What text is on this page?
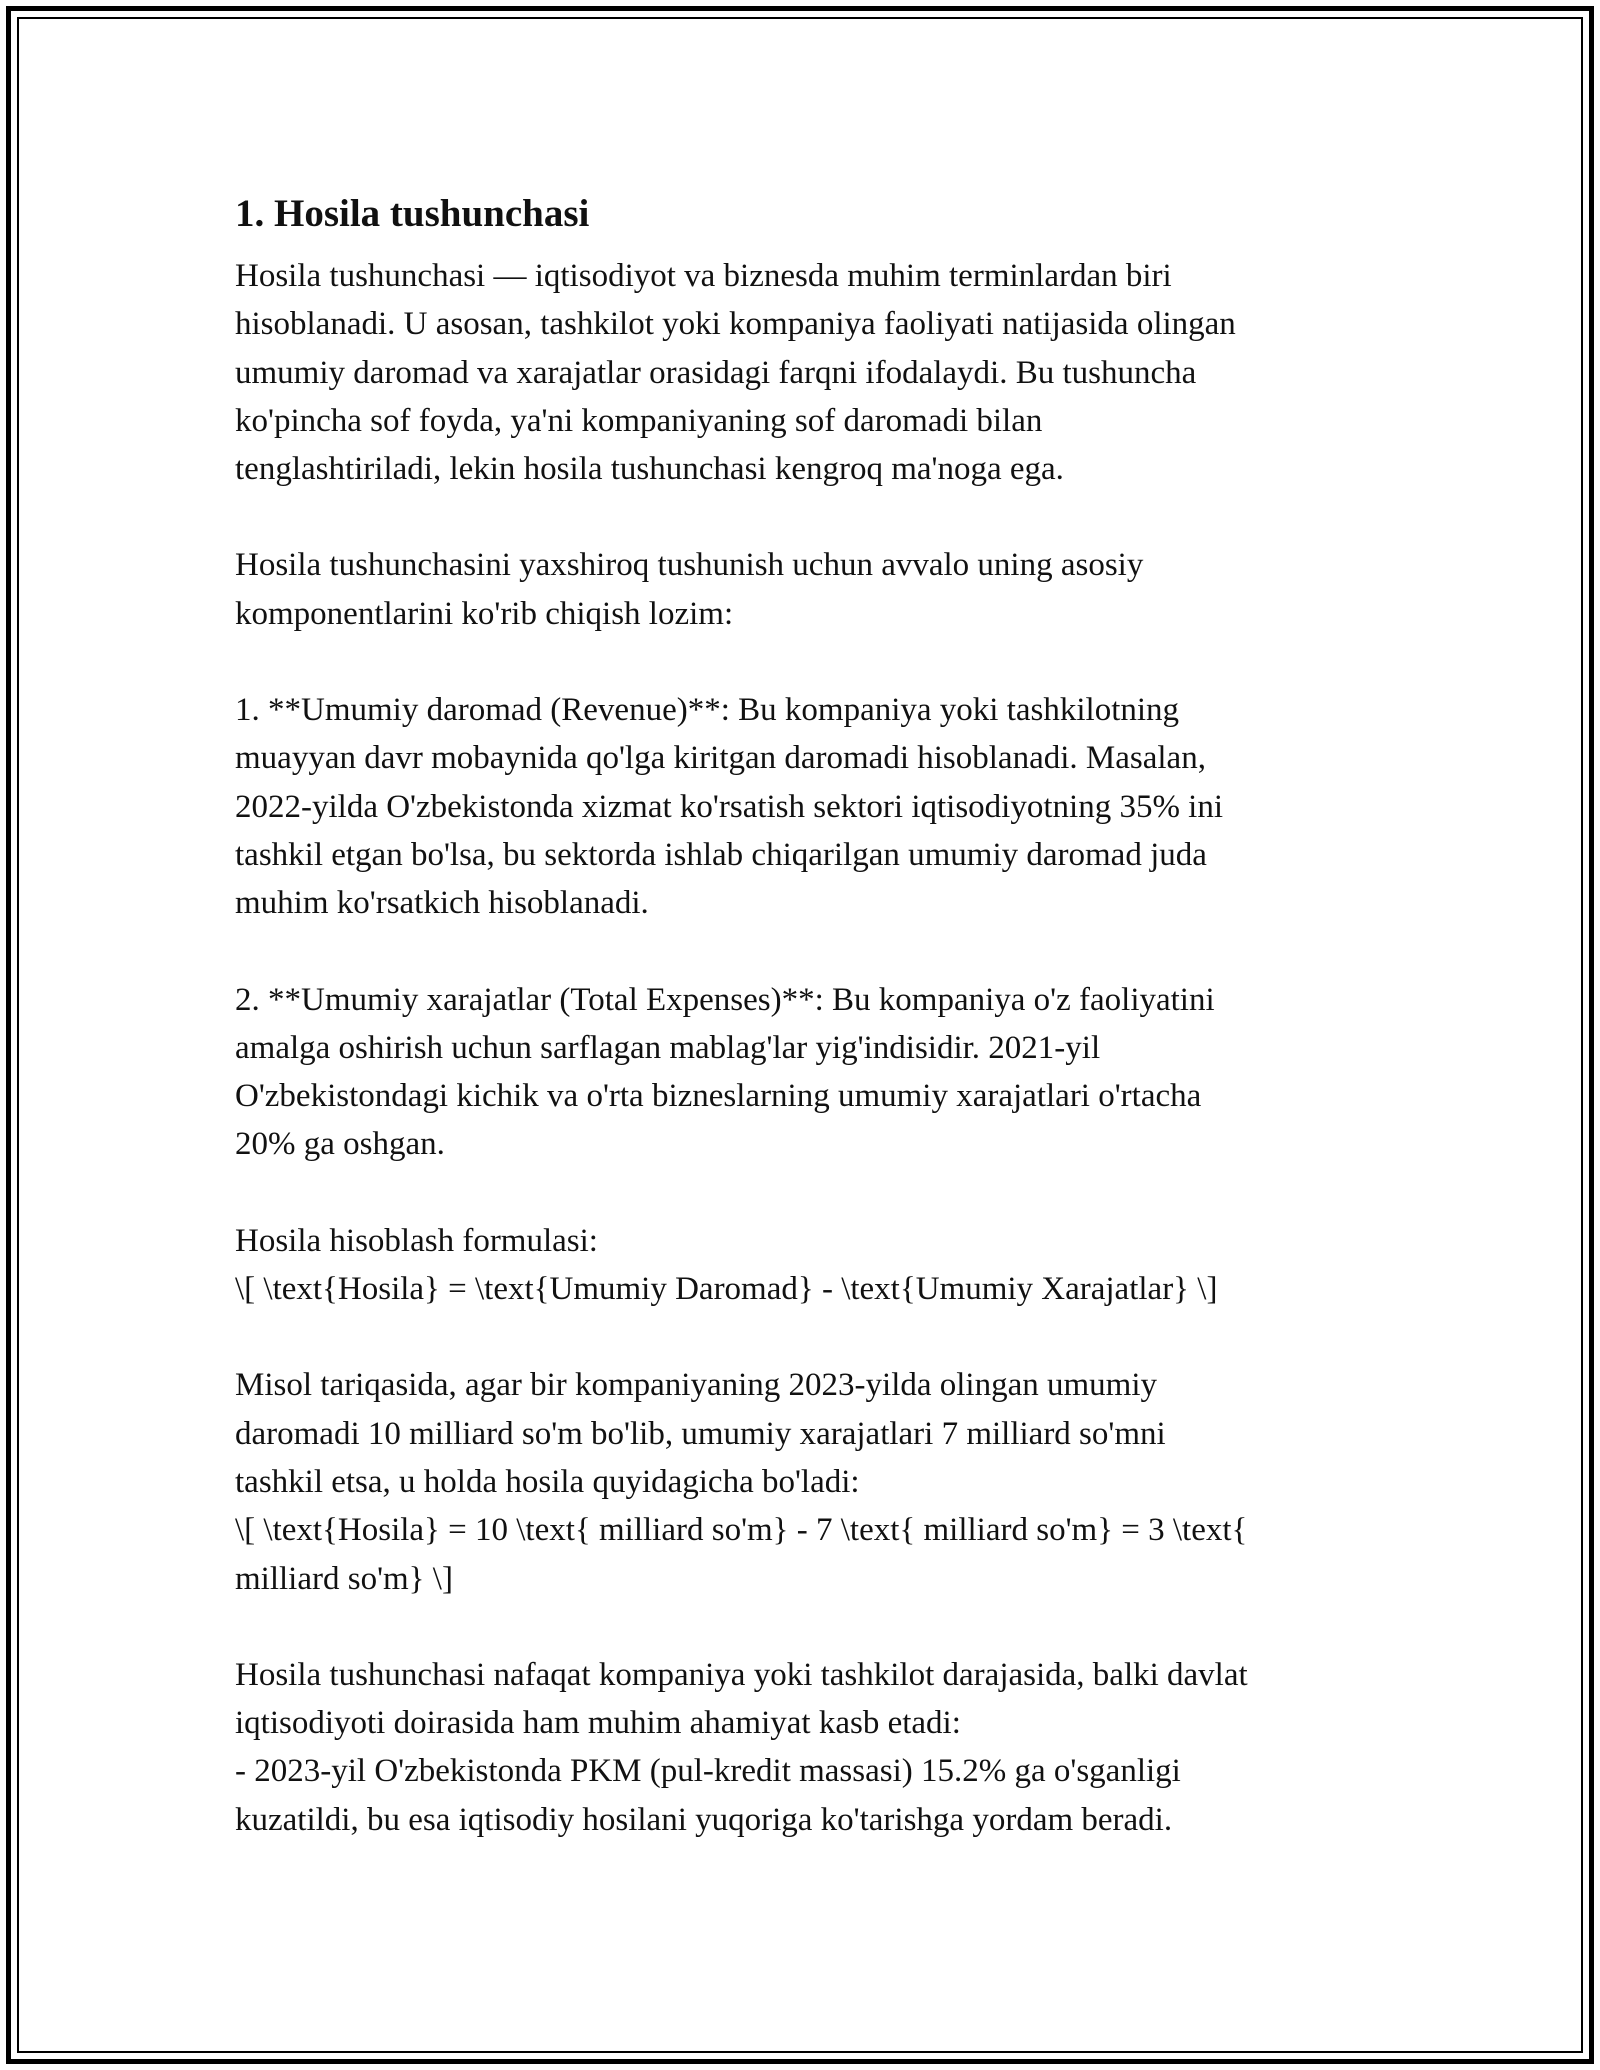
1. Hosila tushunchasi

Hosila tushunchasi — iqtisodiyot va biznesda muhim terminlardan biri
hisoblanadi. U asosan, tashkilot yoki kompaniya faoliyati natijasida olingan
umumiy daromad va xarajatlar orasidagi farqni ifodalaydi. Bu tushuncha
ko'pincha sof foyda, ya'ni kompaniyaning sof daromadi bilan
tenglashtiriladi, lekin hosila tushunchasi kengroq ma'noga ega.

Hosila tushunchasini yaxshiroq tushunish uchun avvalo uning asosiy
komponentlarini ko'rib chiqish lozim:

1. **Umumiy daromad (Revenue)**: Bu kompaniya yoki tashkilotning
muayyan davr mobaynida qo'lga kiritgan daromadi hisoblanadi. Masalan,
2022-yilda O'zbekistonda xizmat ko'rsatish sektori iqtisodiyotning 35% ini
tashkil etgan bo'lsa, bu sektorda ishlab chiqarilgan umumiy daromad juda
muhim ko'rsatkich hisoblanadi.

2. **Umumiy xarajatlar (Total Expenses)**: Bu kompaniya o'z faoliyatini
amalga oshirish uchun sarflagan mablag'lar yig'indisidir. 2021-yil
O'zbekistondagi kichik va o'rta bizneslarning umumiy xarajatlari o'rtacha
20% ga oshgan.

Hosila hisoblash formulasi:
\[ \text{Hosila} = \text{Umumiy Daromad} - \text{Umumiy Xarajatlar} \]

Misol tariqasida, agar bir kompaniyaning 2023-yilda olingan umumiy
daromadi 10 milliard so'm bo'lib, umumiy xarajatlari 7 milliard so'mni
tashkil etsa, u holda hosila quyidagicha bo'ladi:
\[ \text{Hosila} = 10 \text{ milliard so'm} - 7 \text{ milliard so'm} = 3 \text{
milliard so'm} \]

Hosila tushunchasi nafaqat kompaniya yoki tashkilot darajasida, balki davlat
iqtisodiyoti doirasida ham muhim ahamiyat kasb etadi:
- 2023-yil O'zbekistonda PKM (pul-kredit massasi) 15.2% ga o'sganligi
kuzatildi, bu esa iqtisodiy hosilani yuqoriga ko'tarishga yordam beradi.
